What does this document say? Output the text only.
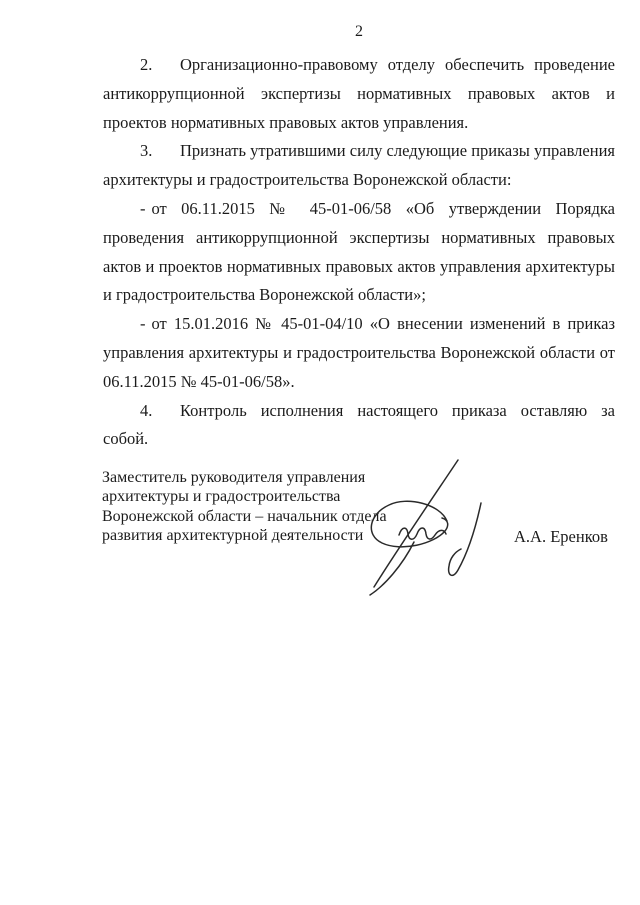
2

2. Организационно-правовому отделу обеспечить проведение антикоррупционной экспертизы нормативных правовых актов и проектов нормативных правовых актов управления.

3. Признать утратившими силу следующие приказы управления архитектуры и градостроительства Воронежской области:

- от 06.11.2015 № 45-01-06/58 «Об утверждении Порядка проведения антикоррупционной экспертизы нормативных правовых актов и проектов нормативных правовых актов управления архитектуры и градостроительства Воронежской области»;

- от 15.01.2016 № 45-01-04/10 «О внесении изменений в приказ управления архитектуры и градостроительства Воронежской области от 06.11.2015 № 45-01-06/58».

4. Контроль исполнения настоящего приказа оставляю за собой.

Заместитель руководителя управления
архитектуры и градостроительства
Воронежской области – начальник отдела
развития архитектурной деятельности	А.А. Еренков
